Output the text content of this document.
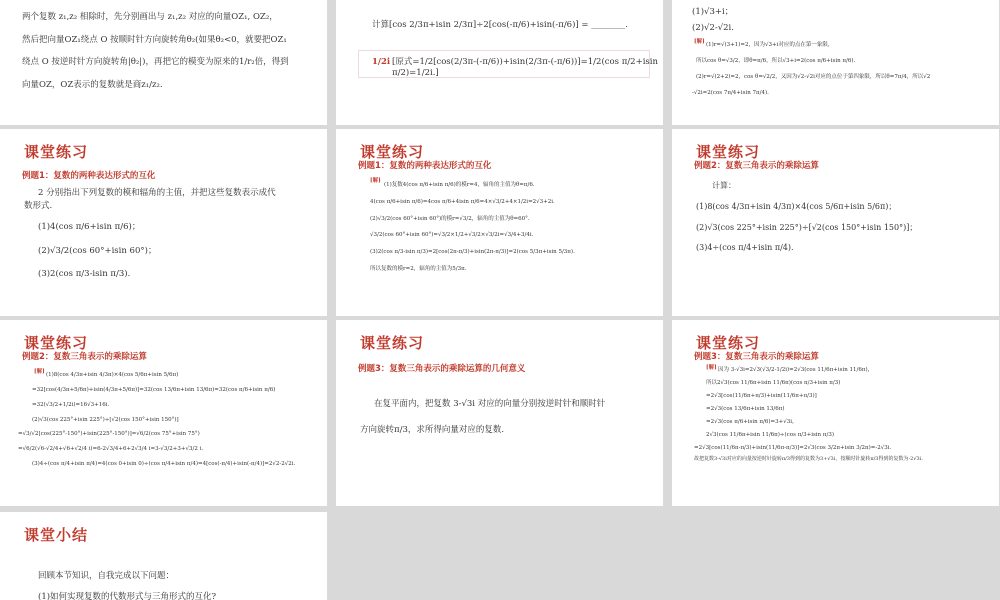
两个复数 z₁,z₂ 相除时，先分别画出与 z₁,z₂ 对应的向量OZ₁, OZ₂，

然后把向量OZ₁绕点 O 按顺时针方向旋转角θ₂(如果θ₂<0，就要把OZ₁

绕点 O 按逆时针方向旋转角|θ₂|)，再把它的模变为原来的1/r₂倍，得到

向量OZ，OZ表示的复数就是商z₁/z₂.

计算[cos 2/3π+isin 2/3π]÷2[cos(-π/6)+isin(-π/6)] = ________.
1/2i [原式=1/2[cos(2/3π-(-π/6))+isin(2/3π-(-π/6))]=1/2(cos π/2+isin π/2)=1/2i.]

(1)√3+i；

(2)√2-√2i.

[解] (1)r=√(3+1)=2，因为√3+i对应的点在第一象限，

所以cos θ=√3/2，即θ=π/6，所以√3+i=2(cos π/6+isin π/6).

(2)r=√(2+2)=2，cos θ=√2/2，又因为√2-√2i对应的点位于第四象限，所以θ=7π/4，所以√2

-√2i=2(cos 7π/4+isin 7π/4).

课堂练习
例题1：复数的两种表达形式的互化

2 分别指出下列复数的模和辐角的主值，并把这些复数表示成代

数形式.

(1)4(cos π/6+isin π/6)；

(2)√3/2(cos 60°+isin 60°)；

(3)2(cos π/3-isin π/3).

课堂练习
例题1：复数的两种表达形式的互化
[解]

(1)复数4(cos π/6+isin π/6)的模r=4，辐角的主值为θ=π/6.

4(cos π/6+isin π/6)=4cos π/6+4isin π/6=4×√3/2+4×1/2i=2√3+2i.

(2)√3/2(cos 60°+isin 60°)的模r=√3/2，辐角的主值为θ=60°.

√3/2(cos 60°+isin 60°)=√3/2×1/2+√3/2×√3/2i=√3/4+3/4i.

(3)2(cos π/3-isin π/3)=2[cos(2π-π/3)+isin(2π-π/3)]=2(cos 5/3π+isin 5/3π).

所以复数的模r=2，辐角的主值为5/3π.

课堂练习
例题2：复数三角表示的乘除运算

计算：

(1)8(cos 4/3π+isin 4/3π)×4(cos 5/6π+isin 5/6π)；

(2)√3(cos 225°+isin 225°)÷[√2(cos 150°+isin 150°)]；

(3)4÷(cos π/4+isin π/4).

课堂练习
例题2：复数三角表示的乘除运算
[解] (1)8(cos 4/3π+isin 4/3π)×4(cos 5/6π+isin 5/6π)

=32[cos(4/3π+5/6π)+isin(4/3π+5/6π)]=32(cos 13/6π+isin 13/6π)=32(cos π/6+isin π/6)

=32(√3/2+1/2i)=16√3+16i.

(2)√3(cos 225°+isin 225°)÷[√2(cos 150°+isin 150°)]

=√3/√2[cos(225°-150°)+isin(225°-150°)]=√6/2(cos 75°+isin 75°)

=√6/2(√6-√2/4+√6+√2/4 i)=6-2√3/4+6+2√3/4 i=3-√3/2+3+√3/2 i.

(3)4÷(cos π/4+isin π/4)=4(cos 0+isin 0)÷(cos π/4+isin π/4)=4[cos(-π/4)+isin(-π/4)]=2√2-2√2i.

课堂练习
例题3：复数三角表示的乘除运算的几何意义

在复平面内，把复数 3-√3i 对应的向量分别按逆时针和顺时针

方向旋转π/3，求所得向量对应的复数.

课堂练习
例题3：复数三角表示的乘除运算
[解] 因为 3-√3i=2√3(√3/2-1/2i)=2√3(cos 11/6π+isin 11/6π)，

所以2√3(cos 11/6π+isin 11/6π)(cos π/3+isin π/3)

=2√3[cos(11/6π+π/3)+isin(11/6π+π/3)]

=2√3(cos 13/6π+isin 13/6π)

=2√3(cos π/6+isin π/6)=3+√3i，

2√3(cos 11/6π+isin 11/6π)÷(cos π/3+isin π/3)

=2√3[cos(11/6π-π/3)+isin(11/6π-π/3)]=2√3(cos 3/2π+isin 3/2π)=-2√3i.

故把复数3-√3i对应的向量按逆时针旋转π/3得到的复数为3+√3i，按顺时针旋转π/3得到的复数为-2√3i.

课堂小结

回顾本节知识，自我完成以下问题：

(1)如何实现复数的代数形式与三角形式的互化?
